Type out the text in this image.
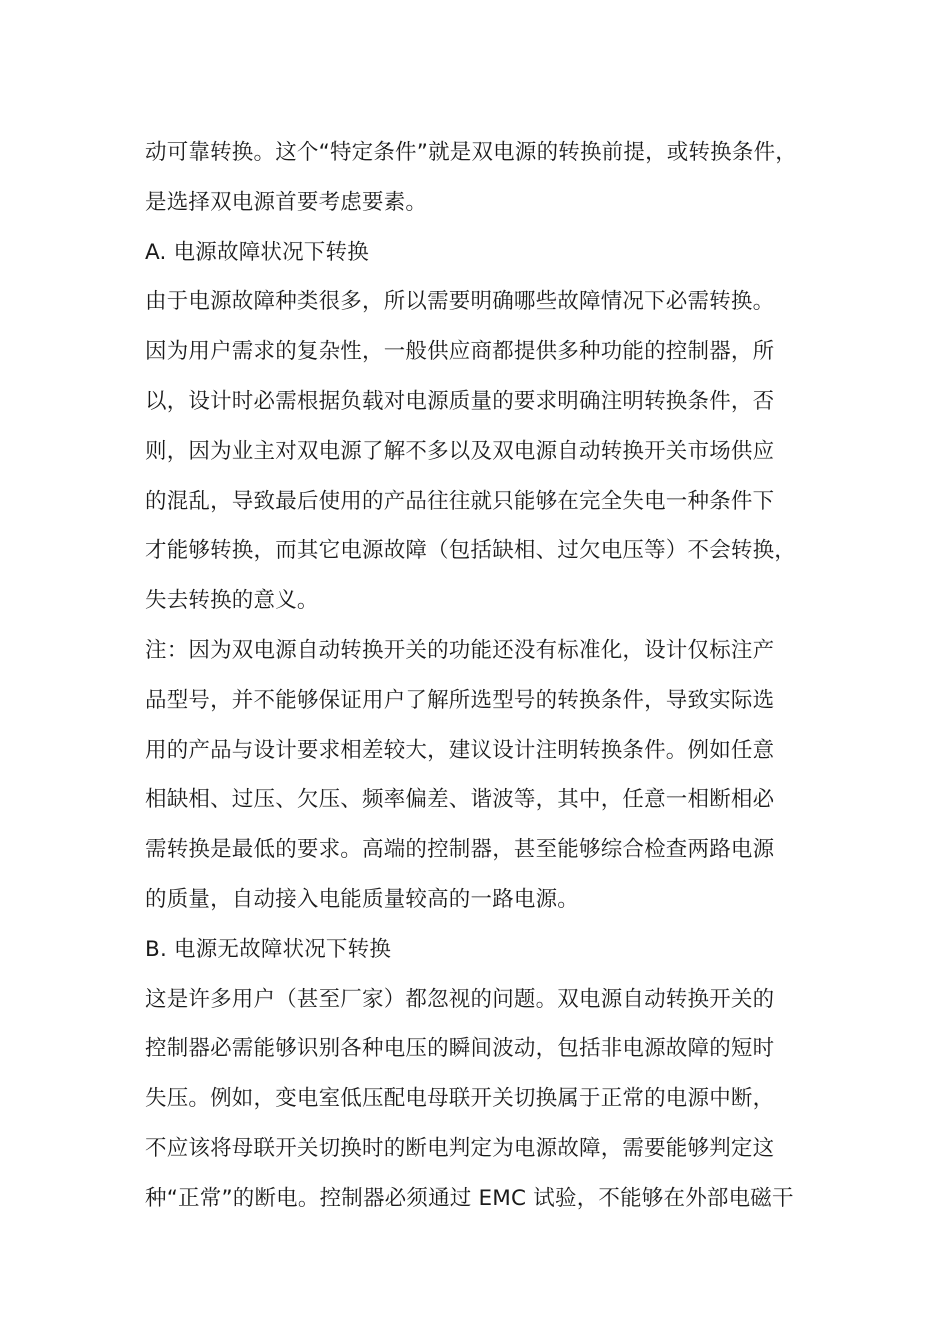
动可靠转换。这个“特定条件”就是双电源的转换前提，或转换条件，
是选择双电源首要考虑要素。
A. 电源故障状况下转换
由于电源故障种类很多，所以需要明确哪些故障情况下必需转换。
因为用户需求的复杂性，一般供应商都提供多种功能的控制器，所
以，设计时必需根据负载对电源质量的要求明确注明转换条件，否
则，因为业主对双电源了解不多以及双电源自动转换开关市场供应
的混乱，导致最后使用的产品往往就只能够在完全失电一种条件下
才能够转换，而其它电源故障（包括缺相、过欠电压等）不会转换，
失去转换的意义。
注：因为双电源自动转换开关的功能还没有标准化，设计仅标注产
品型号，并不能够保证用户了解所选型号的转换条件，导致实际选
用的产品与设计要求相差较大，建议设计注明转换条件。例如任意
相缺相、过压、欠压、频率偏差、谐波等，其中，任意一相断相必
需转换是最低的要求。高端的控制器，甚至能够综合检查两路电源
的质量，自动接入电能质量较高的一路电源。
B. 电源无故障状况下转换
这是许多用户（甚至厂家）都忽视的问题。双电源自动转换开关的
控制器必需能够识别各种电压的瞬间波动，包括非电源故障的短时
失压。例如，变电室低压配电母联开关切换属于正常的电源中断，
不应该将母联开关切换时的断电判定为电源故障，需要能够判定这
种“正常”的断电。控制器必须通过 EMC 试验，不能够在外部电磁干
